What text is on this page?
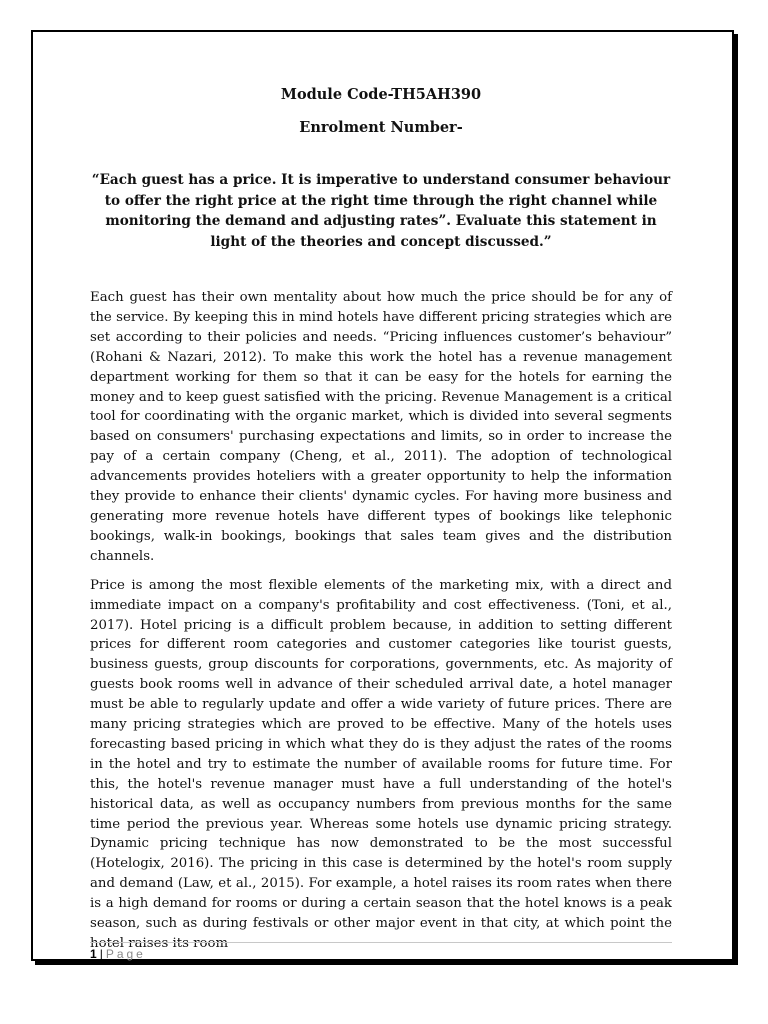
Module Code-TH5AH390

Enrolment Number-

“Each guest has a price. It is imperative to understand consumer behaviour to offer the right price at the right time through the right channel while monitoring the demand and adjusting rates”. Evaluate this statement in light of the theories and concept discussed.”

Each guest has their own mentality about how much the price should be for any of the service. By keeping this in mind hotels have different pricing strategies which are set according to their policies and needs. “Pricing influences customer’s behaviour” (Rohani & Nazari, 2012). To make this work the hotel has a revenue management department working for them so that it can be easy for the hotels for earning the money and to keep guest satisfied with the pricing. Revenue Management is a critical tool for coordinating with the organic market, which is divided into several segments based on consumers' purchasing expectations and limits, so in order to increase the pay of a certain company (Cheng, et al., 2011). The adoption of technological advancements provides hoteliers with a greater opportunity to help the information they provide to enhance their clients' dynamic cycles. For having more business and generating more revenue hotels have different types of bookings like telephonic bookings, walk-in bookings, bookings that sales team gives and the distribution channels.

Price is among the most flexible elements of the marketing mix, with a direct and immediate impact on a company's profitability and cost effectiveness. (Toni, et al., 2017). Hotel pricing is a difficult problem because, in addition to setting different prices for different room categories and customer categories like tourist guests, business guests, group discounts for corporations, governments, etc. As majority of guests book rooms well in advance of their scheduled arrival date, a hotel manager must be able to regularly update and offer a wide variety of future prices. There are many pricing strategies which are proved to be effective. Many of the hotels uses forecasting based pricing in which what they do is they adjust the rates of the rooms in the hotel and try to estimate the number of available rooms for future time. For this, the hotel's revenue manager must have a full understanding of the hotel's historical data, as well as occupancy numbers from previous months for the same time period the previous year. Whereas some hotels use dynamic pricing strategy. Dynamic pricing technique has now demonstrated to be the most successful (Hotelogix, 2016). The pricing in this case is determined by the hotel's room supply and demand (Law, et al., 2015). For example, a hotel raises its room rates when there is a high demand for rooms or during a certain season that the hotel knows is a peak season, such as during festivals or other major event in that city, at which point the hotel raises its room

1 | Page
